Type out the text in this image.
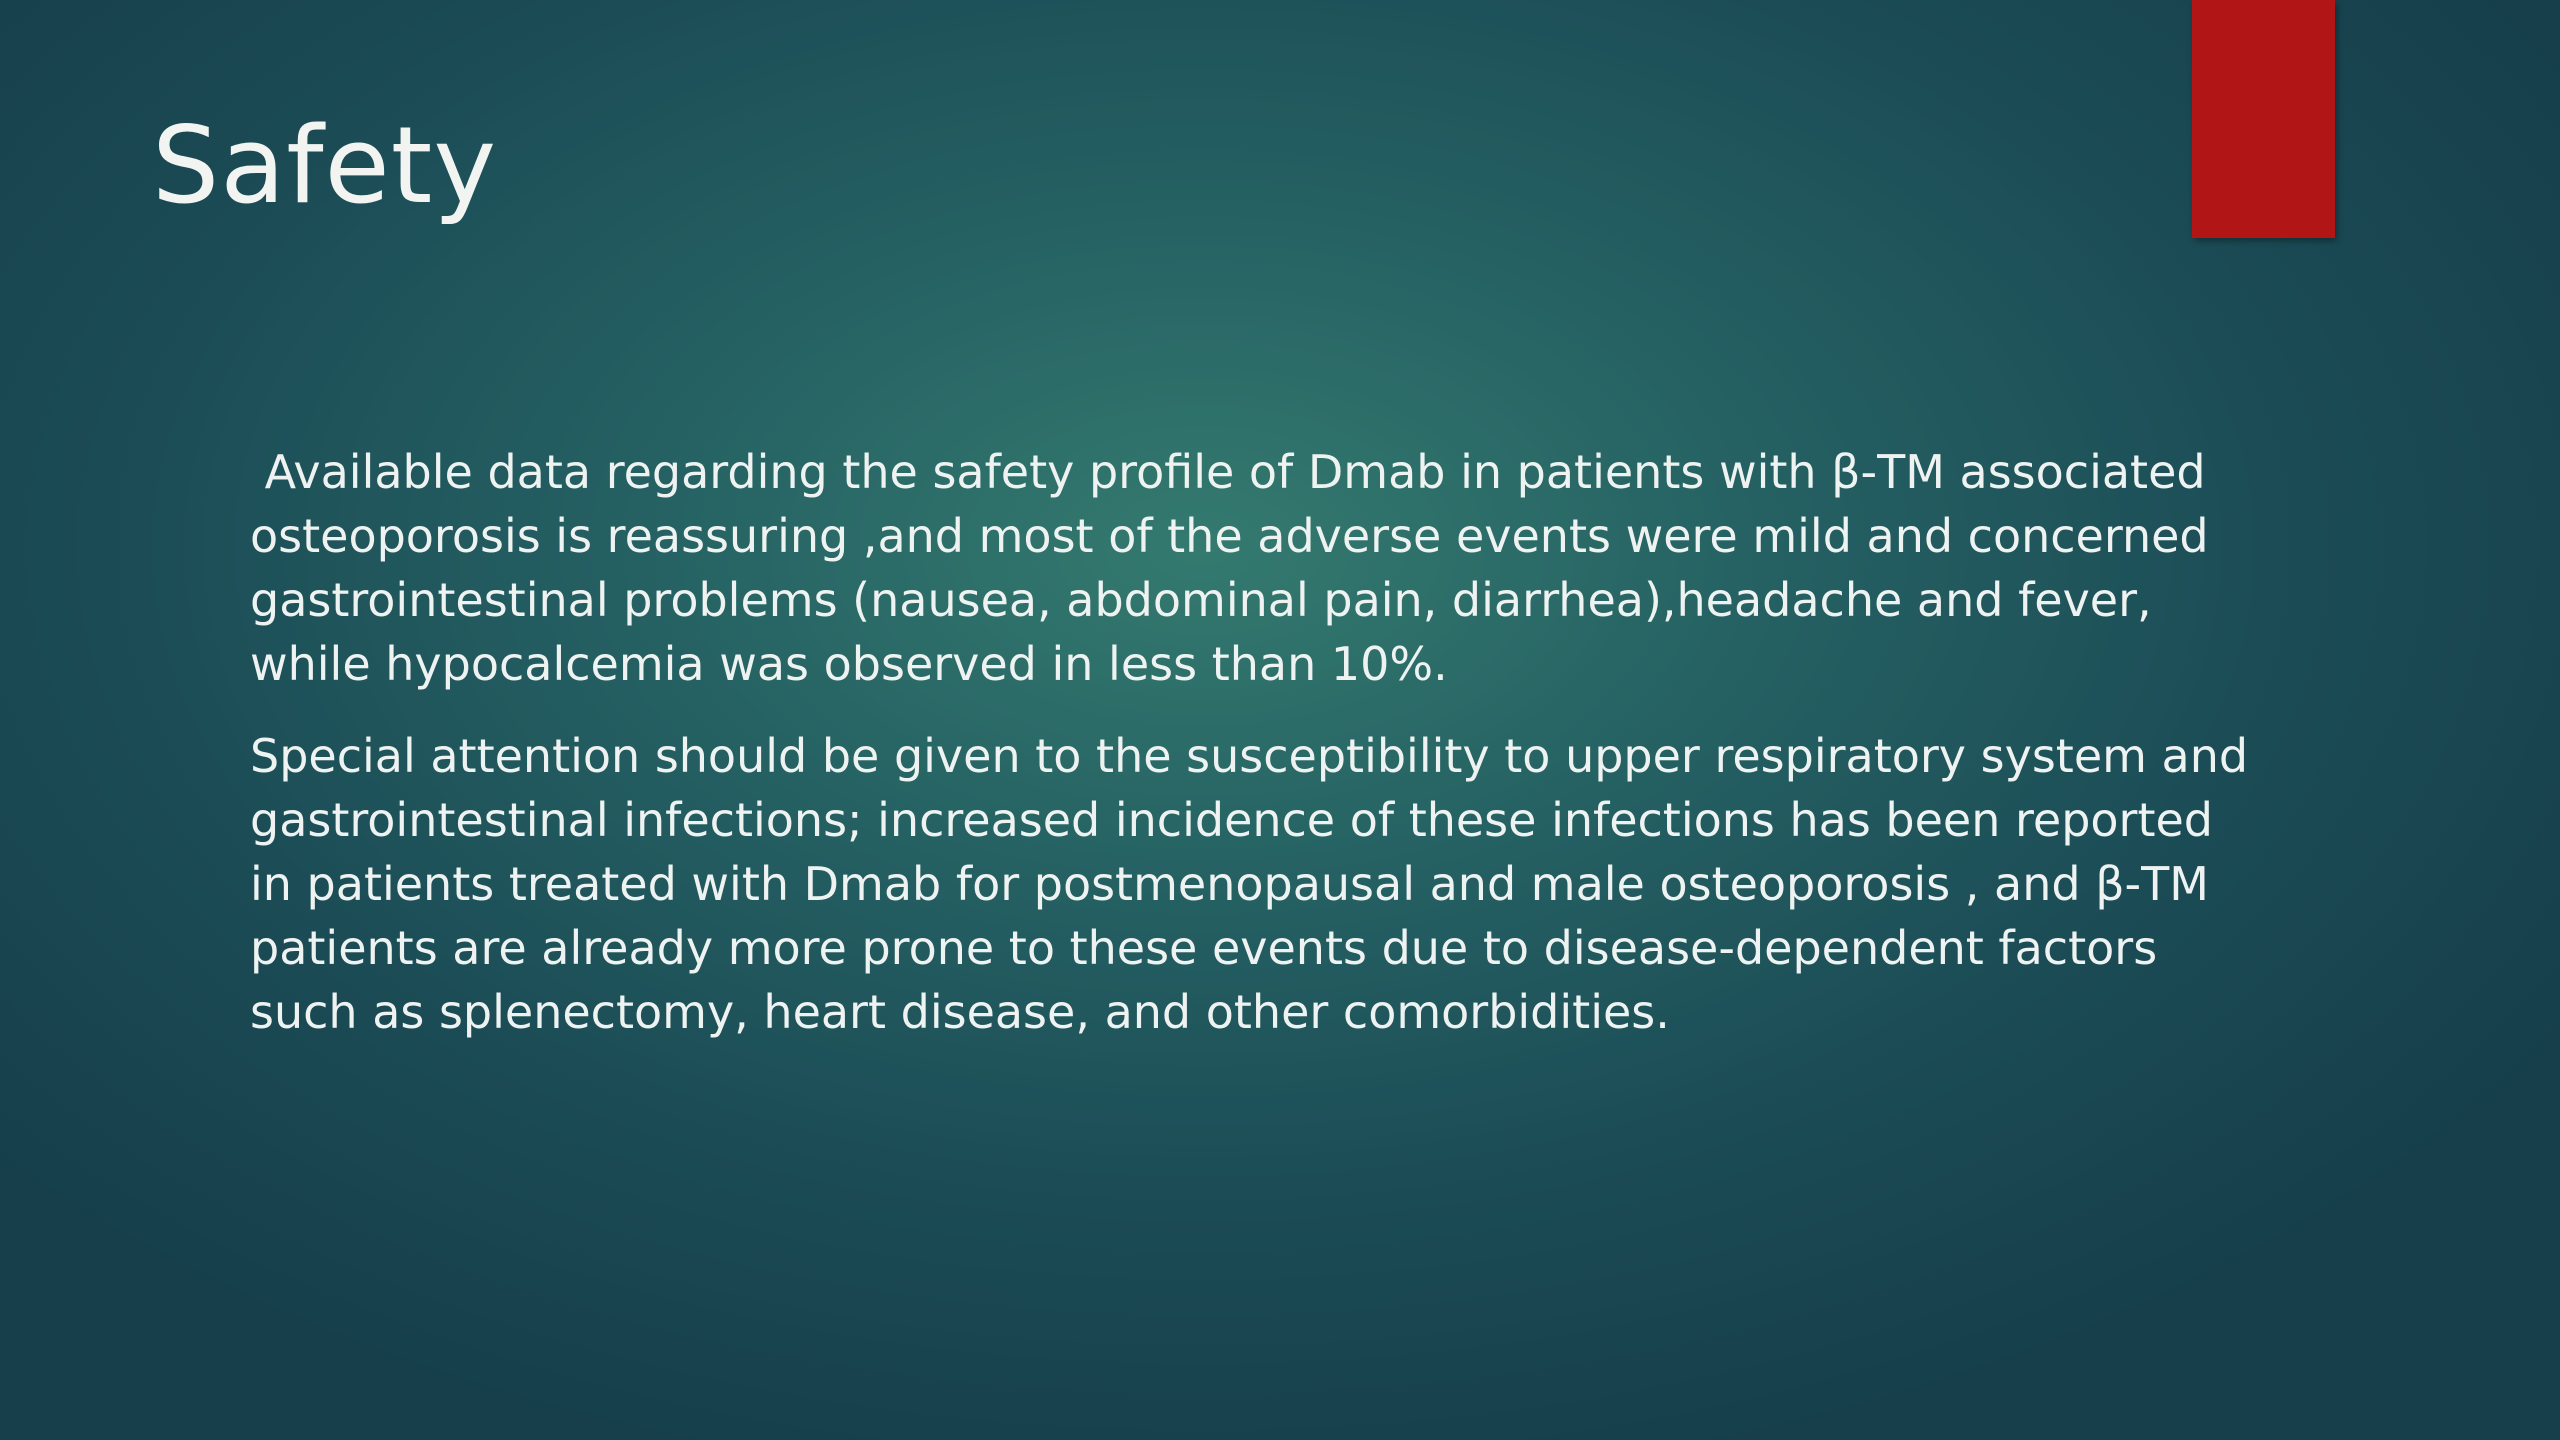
Safety

Available data regarding the safety profile of Dmab in patients with β-TM associated osteoporosis is reassuring ,and most of the adverse events were mild and concerned gastrointestinal problems (nausea, abdominal pain, diarrhea),headache and fever, while hypocalcemia was observed in less than 10%.

Special attention should be given to the susceptibility to upper respiratory system and gastrointestinal infections; increased incidence of these infections has been reported in patients treated with Dmab for postmenopausal and male osteoporosis , and β-TM patients are already more prone to these events due to disease-dependent factors such as splenectomy, heart disease, and other comorbidities.
